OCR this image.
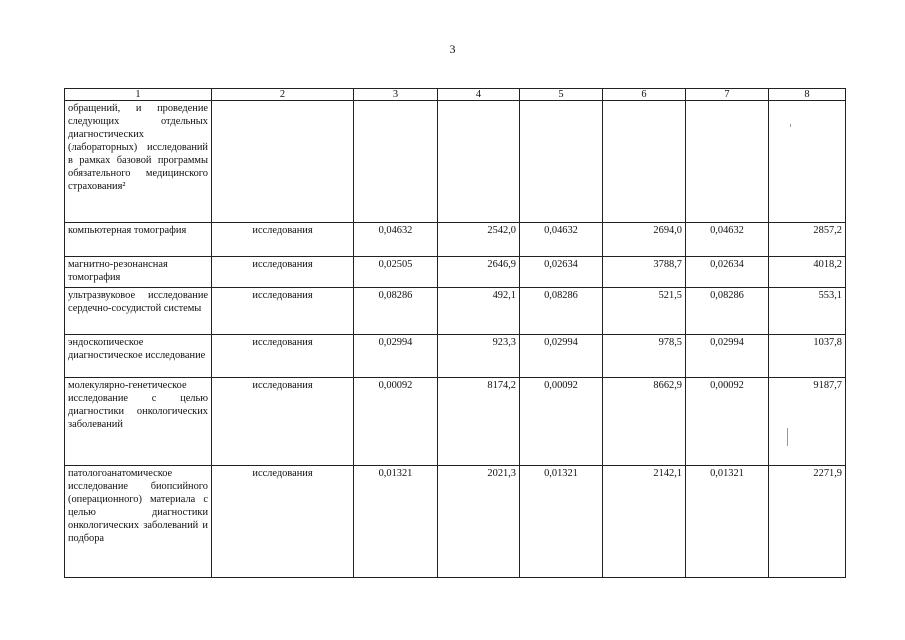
3
1	2	3	4	5	6	7	8
обращений, и проведение следующих отдельных диагностических (лабораторных) исследований в рамках базовой программы обязательного медицинского страхования²							
компьютерная томография	исследования	0,04632	2542,0	0,04632	2694,0	0,04632	2857,2
магнитно-резонансная томография	исследования	0,02505	2646,9	0,02634	3788,7	0,02634	4018,2
ультразвуковое исследование сердечно-сосудистой системы	исследования	0,08286	492,1	0,08286	521,5	0,08286	553,1
эндоскопическое диагностическое исследование	исследования	0,02994	923,3	0,02994	978,5	0,02994	1037,8
молекулярно-генетическое исследование с целью диагностики онкологических заболеваний	исследования	0,00092	8174,2	0,00092	8662,9	0,00092	9187,7
патологоанатомическое исследование биопсийного (операционного) материала с целью диагностики онкологических заболеваний и подбора	исследования	0,01321	2021,3	0,01321	2142,1	0,01321	2271,9
